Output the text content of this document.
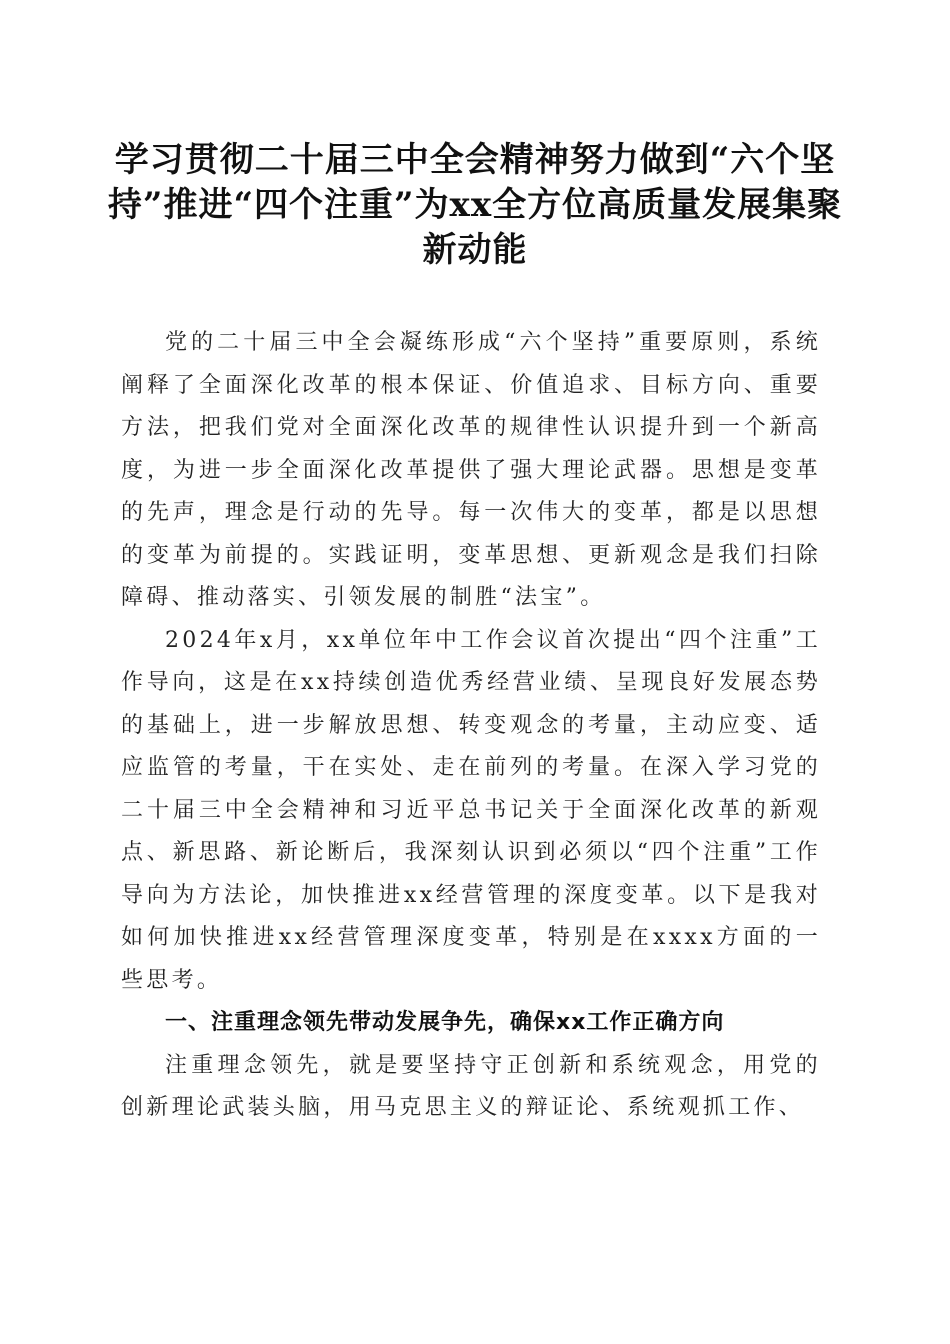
学习贯彻二十届三中全会精神努力做到“六个坚持”推进“四个注重”为xx全方位高质量发展集聚新动能

党的二十届三中全会凝练形成“六个坚持”重要原则，系统阐释了全面深化改革的根本保证、价值追求、目标方向、重要方法，把我们党对全面深化改革的规律性认识提升到一个新高度，为进一步全面深化改革提供了强大理论武器。思想是变革的先声，理念是行动的先导。每一次伟大的变革，都是以思想的变革为前提的。实践证明，变革思想、更新观念是我们扫除障碍、推动落实、引领发展的制胜“法宝”。

2024年x月，xx单位年中工作会议首次提出“四个注重”工作导向，这是在xx持续创造优秀经营业绩、呈现良好发展态势的基础上，进一步解放思想、转变观念的考量，主动应变、适应监管的考量，干在实处、走在前列的考量。在深入学习党的二十届三中全会精神和习近平总书记关于全面深化改革的新观点、新思路、新论断后，我深刻认识到必须以“四个注重”工作导向为方法论，加快推进xx经营管理的深度变革。以下是我对如何加快推进xx经营管理深度变革，特别是在xxxx方面的一些思考。

一、注重理念领先带动发展争先，确保xx工作正确方向

注重理念领先，就是要坚持守正创新和系统观念，用党的创新理论武装头脑，用马克思主义的辩证论、系统观抓工作、
